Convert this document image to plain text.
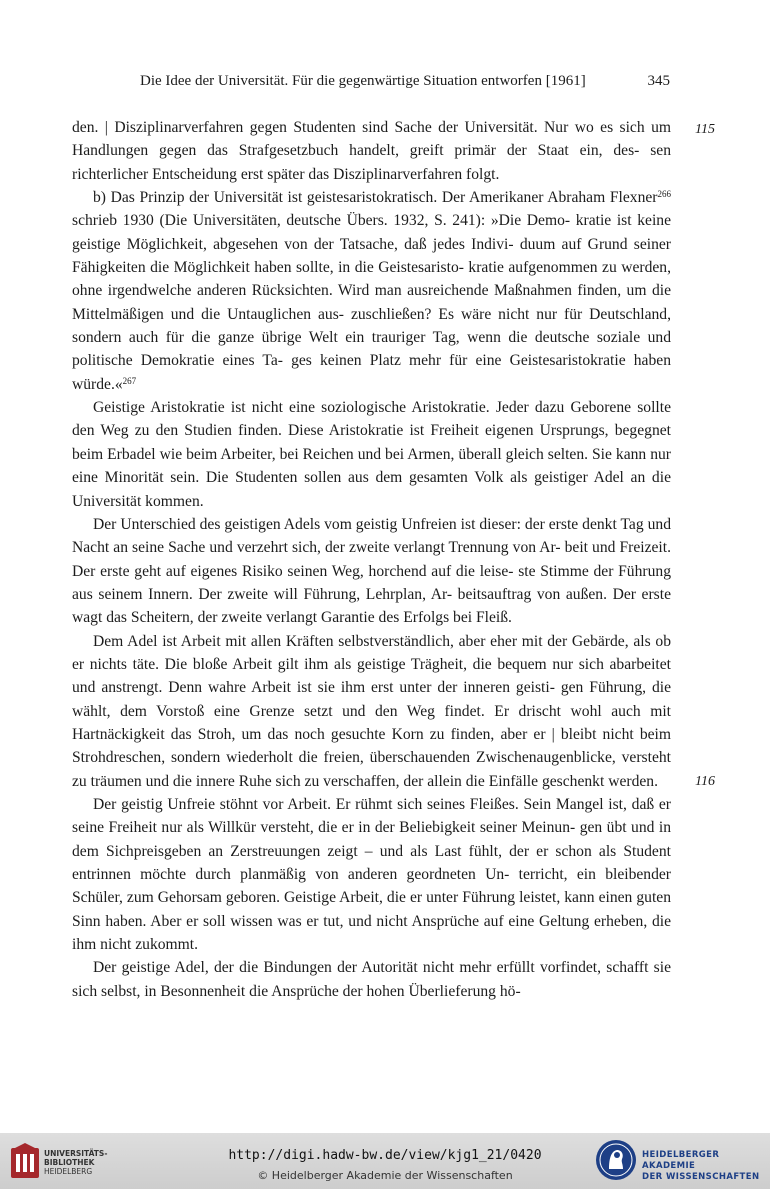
Die Idee der Universität. Für die gegenwärtige Situation entworfen [1961]	345
115
116

den. | Disziplinarverfahren gegen Studenten sind Sache der Universität. Nur wo es sich um Handlungen gegen das Strafgesetzbuch handelt, greift primär der Staat ein, des- sen richterlicher Entscheidung erst später das Disziplinarverfahren folgt.

b) Das Prinzip der Universität ist geistesaristokratisch. Der Amerikaner Abraham Flexner$^{266}$ schrieb 1930 (Die Universitäten, deutsche Übers. 1932, S. 241): »Die Demo- kratie ist keine geistige Möglichkeit, abgesehen von der Tatsache, daß jedes Indivi- duum auf Grund seiner Fähigkeiten die Möglichkeit haben sollte, in die Geistesaristo- kratie aufgenommen zu werden, ohne irgendwelche anderen Rücksichten. Wird man ausreichende Maßnahmen finden, um die Mittelmäßigen und die Untauglichen aus- zuschließen? Es wäre nicht nur für Deutschland, sondern auch für die ganze übrige Welt ein trauriger Tag, wenn die deutsche soziale und politische Demokratie eines Ta- ges keinen Platz mehr für eine Geistesaristokratie haben würde.«$^{267}$

Geistige Aristokratie ist nicht eine soziologische Aristokratie. Jeder dazu Geborene sollte den Weg zu den Studien finden. Diese Aristokratie ist Freiheit eigenen Ursprungs, begegnet beim Erbadel wie beim Arbeiter, bei Reichen und bei Armen, überall gleich selten. Sie kann nur eine Minorität sein. Die Studenten sollen aus dem gesamten Volk als geistiger Adel an die Universität kommen.

Der Unterschied des geistigen Adels vom geistig Unfreien ist dieser: der erste denkt Tag und Nacht an seine Sache und verzehrt sich, der zweite verlangt Trennung von Ar- beit und Freizeit. Der erste geht auf eigenes Risiko seinen Weg, horchend auf die leise- ste Stimme der Führung aus seinem Innern. Der zweite will Führung, Lehrplan, Ar- beitsauftrag von außen. Der erste wagt das Scheitern, der zweite verlangt Garantie des Erfolgs bei Fleiß.

Dem Adel ist Arbeit mit allen Kräften selbstverständlich, aber eher mit der Gebärde, als ob er nichts täte. Die bloße Arbeit gilt ihm als geistige Trägheit, die bequem nur sich abarbeitet und anstrengt. Denn wahre Arbeit ist sie ihm erst unter der inneren geisti- gen Führung, die wählt, dem Vorstoß eine Grenze setzt und den Weg findet. Er drischt wohl auch mit Hartnäckigkeit das Stroh, um das noch gesuchte Korn zu finden, aber er | bleibt nicht beim Strohdreschen, sondern wiederholt die freien, überschauenden Zwischenaugenblicke, versteht zu träumen und die innere Ruhe sich zu verschaffen, der allein die Einfälle geschenkt werden.

Der geistig Unfreie stöhnt vor Arbeit. Er rühmt sich seines Fleißes. Sein Mangel ist, daß er seine Freiheit nur als Willkür versteht, die er in der Beliebigkeit seiner Meinun- gen übt und in dem Sichpreisgeben an Zerstreuungen zeigt – und als Last fühlt, der er schon als Student entrinnen möchte durch planmäßig von anderen geordneten Un- terricht, ein bleibender Schüler, zum Gehorsam geboren. Geistige Arbeit, die er unter Führung leistet, kann einen guten Sinn haben. Aber er soll wissen was er tut, und nicht Ansprüche auf eine Geltung erheben, die ihm nicht zukommt.

Der geistige Adel, der die Bindungen der Autorität nicht mehr erfüllt vorfindet, schafft sie sich selbst, in Besonnenheit die Ansprüche der hohen Überlieferung hö-

UNIVERSITÄTS-
BIBLIOTHEK
HEIDELBERG
http://digi.hadw-bw.de/view/kjg1_21/0420
© Heidelberger Akademie der Wissenschaften
HEIDELBERGER AKADEMIE
DER WISSENSCHAFTEN
